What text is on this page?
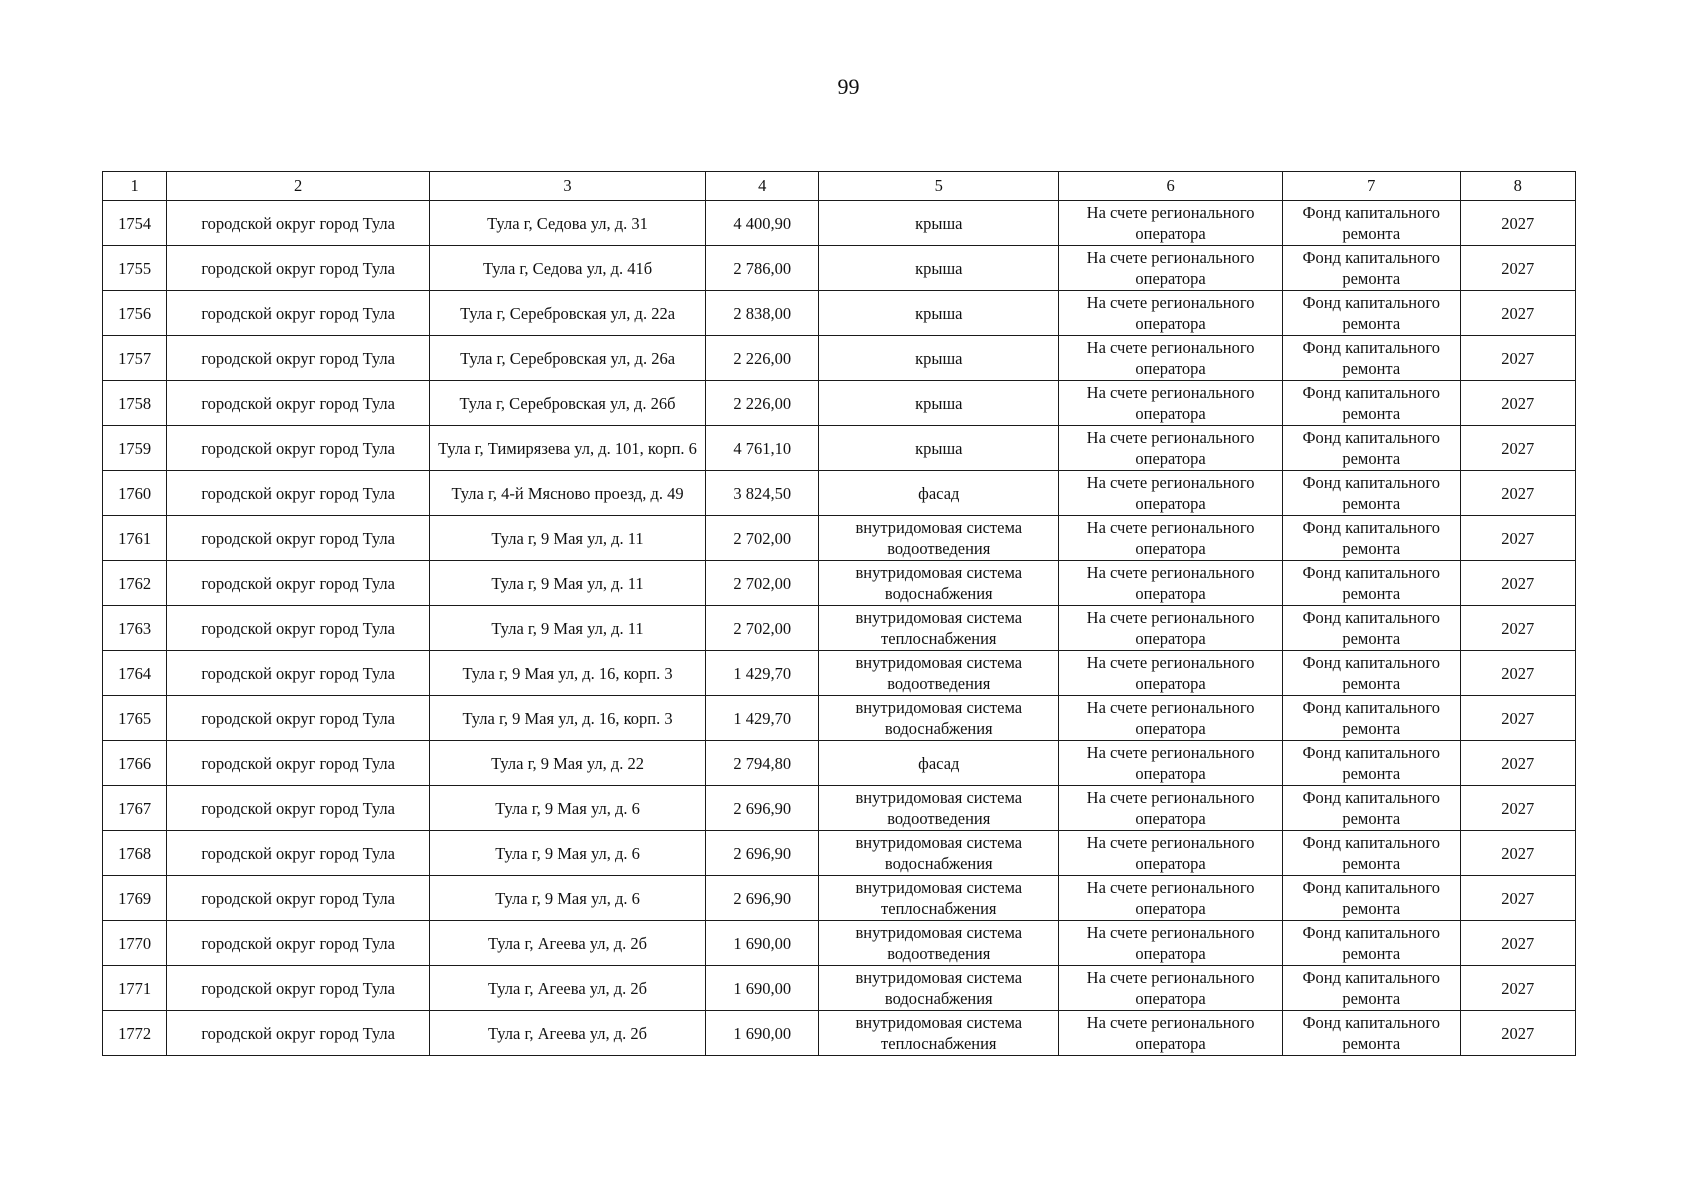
99
1	2	3	4	5	6	7	8
1754	городской округ город Тула	Тула г, Седова ул, д. 31	4 400,90	крыша	На счете регионального оператора	Фонд капитального ремонта	2027
1755	городской округ город Тула	Тула г, Седова ул, д. 41б	2 786,00	крыша	На счете регионального оператора	Фонд капитального ремонта	2027
1756	городской округ город Тула	Тула г, Серебровская ул, д. 22а	2 838,00	крыша	На счете регионального оператора	Фонд капитального ремонта	2027
1757	городской округ город Тула	Тула г, Серебровская ул, д. 26а	2 226,00	крыша	На счете регионального оператора	Фонд капитального ремонта	2027
1758	городской округ город Тула	Тула г, Серебровская ул, д. 26б	2 226,00	крыша	На счете регионального оператора	Фонд капитального ремонта	2027
1759	городской округ город Тула	Тула г, Тимирязева ул, д. 101, корп. 6	4 761,10	крыша	На счете регионального оператора	Фонд капитального ремонта	2027
1760	городской округ город Тула	Тула г, 4-й Мясново проезд, д. 49	3 824,50	фасад	На счете регионального оператора	Фонд капитального ремонта	2027
1761	городской округ город Тула	Тула г, 9 Мая ул, д. 11	2 702,00	внутридомовая система водоотведения	На счете регионального оператора	Фонд капитального ремонта	2027
1762	городской округ город Тула	Тула г, 9 Мая ул, д. 11	2 702,00	внутридомовая система водоснабжения	На счете регионального оператора	Фонд капитального ремонта	2027
1763	городской округ город Тула	Тула г, 9 Мая ул, д. 11	2 702,00	внутридомовая система теплоснабжения	На счете регионального оператора	Фонд капитального ремонта	2027
1764	городской округ город Тула	Тула г, 9 Мая ул, д. 16, корп. 3	1 429,70	внутридомовая система водоотведения	На счете регионального оператора	Фонд капитального ремонта	2027
1765	городской округ город Тула	Тула г, 9 Мая ул, д. 16, корп. 3	1 429,70	внутридомовая система водоснабжения	На счете регионального оператора	Фонд капитального ремонта	2027
1766	городской округ город Тула	Тула г, 9 Мая ул, д. 22	2 794,80	фасад	На счете регионального оператора	Фонд капитального ремонта	2027
1767	городской округ город Тула	Тула г, 9 Мая ул, д. 6	2 696,90	внутридомовая система водоотведения	На счете регионального оператора	Фонд капитального ремонта	2027
1768	городской округ город Тула	Тула г, 9 Мая ул, д. 6	2 696,90	внутридомовая система водоснабжения	На счете регионального оператора	Фонд капитального ремонта	2027
1769	городской округ город Тула	Тула г, 9 Мая ул, д. 6	2 696,90	внутридомовая система теплоснабжения	На счете регионального оператора	Фонд капитального ремонта	2027
1770	городской округ город Тула	Тула г, Агеева ул, д. 2б	1 690,00	внутридомовая система водоотведения	На счете регионального оператора	Фонд капитального ремонта	2027
1771	городской округ город Тула	Тула г, Агеева ул, д. 2б	1 690,00	внутридомовая система водоснабжения	На счете регионального оператора	Фонд капитального ремонта	2027
1772	городской округ город Тула	Тула г, Агеева ул, д. 2б	1 690,00	внутридомовая система теплоснабжения	На счете регионального оператора	Фонд капитального ремонта	2027
